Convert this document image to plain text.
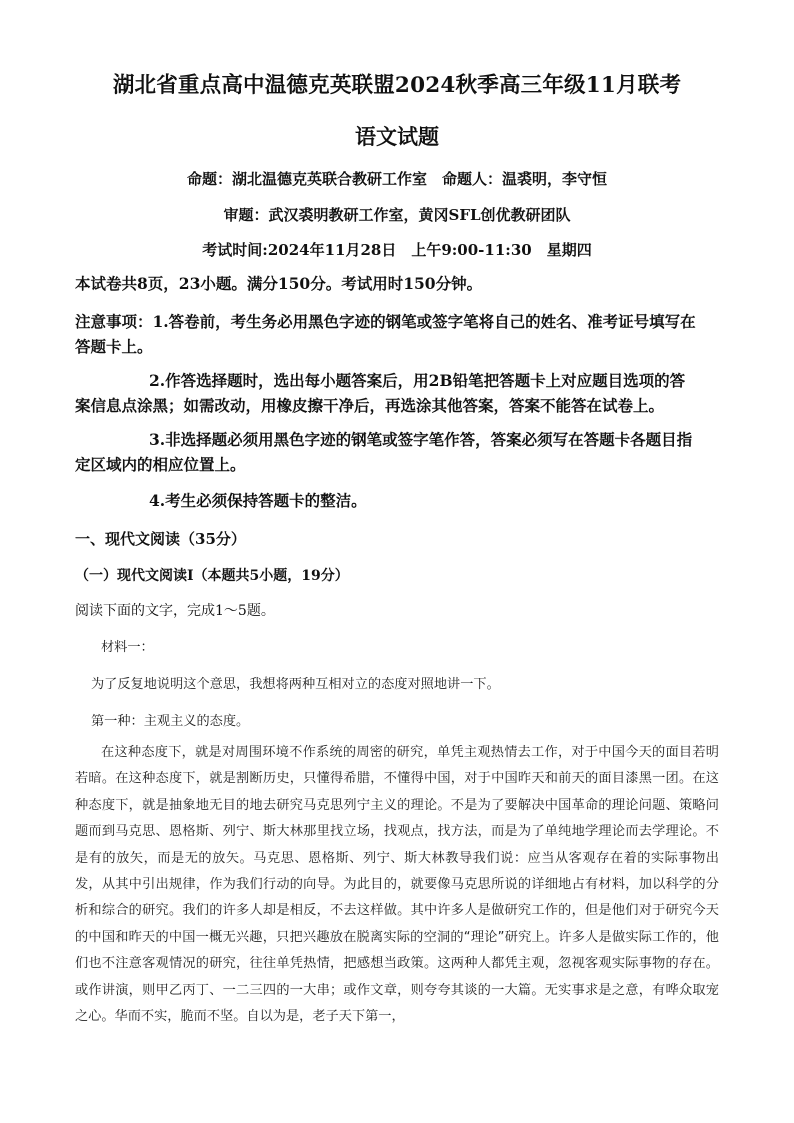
湖北省重点高中温德克英联盟2024秋季高三年级11月联考
语文试题
命题：湖北温德克英联合教研工作室　命题人：温裘明，李守恒
审题：武汉裘明教研工作室，黄冈SFL创优教研团队
考试时间:2024年11月28日　上午9:00-11:30　星期四
本试卷共8页，23小题。满分150分。考试用时150分钟。
注意事项：1.答卷前，考生务必用黑色字迹的钢笔或签字笔将自己的姓名、准考证号填写在
答题卡上。
2.作答选择题时，选出每小题答案后，用2B铅笔把答题卡上对应题目选项的答
案信息点涂黑；如需改动，用橡皮擦干净后，再选涂其他答案，答案不能答在试卷上。
3.非选择题必须用黑色字迹的钢笔或签字笔作答，答案必须写在答题卡各题目指
定区域内的相应位置上。
4.考生必须保持答题卡的整洁。
一、现代文阅读（35分）
（一）现代文阅读Ⅰ（本题共5小题，19分）
阅读下面的文字，完成1～5题。
材料一：
为了反复地说明这个意思，我想将两种互相对立的态度对照地讲一下。
第一种：主观主义的态度。
在这种态度下，就是对周围环境不作系统的周密的研究，单凭主观热情去工作，对于中国今天的面目若明若暗。在这种态度下，就是割断历史，只懂得希腊，不懂得中国，对于中国昨天和前天的面目漆黑一团。在这种态度下，就是抽象地无目的地去研究马克思列宁主义的理论。不是为了要解决中国革命的理论问题、策略问题而到马克思、恩格斯、列宁、斯大林那里找立场，找观点，找方法，而是为了单纯地学理论而去学理论。不是有的放矢，而是无的放矢。马克思、恩格斯、列宁、斯大林教导我们说：应当从客观存在着的实际事物出发，从其中引出规律，作为我们行动的向导。为此目的，就要像马克思所说的详细地占有材料，加以科学的分析和综合的研究。我们的许多人却是相反，不去这样做。其中许多人是做研究工作的，但是他们对于研究今天的中国和昨天的中国一概无兴趣，只把兴趣放在脱离实际的空洞的“理论”研究上。许多人是做实际工作的，他们也不注意客观情况的研究，往往单凭热情，把感想当政策。这两种人都凭主观，忽视客观实际事物的存在。或作讲演，则甲乙丙丁、一二三四的一大串；或作文章，则夸夸其谈的一大篇。无实事求是之意，有哗众取宠之心。华而不实，脆而不坚。自以为是，老子天下第一，
